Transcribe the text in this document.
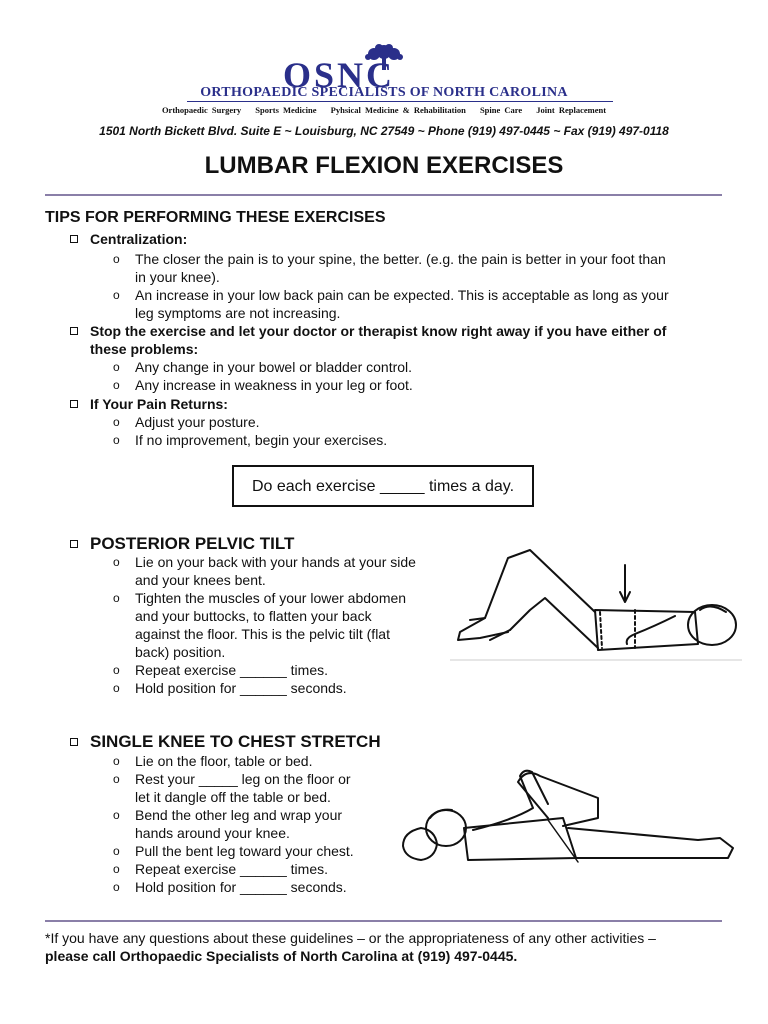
OSNC
ORTHOPAEDIC SPECIALISTS OF NORTH CAROLINA
Orthopaedic Surgery Sports Medicine Pyhsical Medicine & Rehabilitation Spine Care Joint Replacement
1501 North Bickett Blvd. Suite E ~ Louisburg, NC 27549 ~ Phone (919) 497-0445 ~ Fax (919) 497-0118
LUMBAR FLEXION EXERCISES
TIPS FOR PERFORMING THESE EXERCISES
Centralization:
o The closer the pain is to your spine, the better. (e.g. the pain is better in your foot than
in your knee).
o An increase in your low back pain can be expected. This is acceptable as long as your
leg symptoms are not increasing.
Stop the exercise and let your doctor or therapist know right away if you have either of
these problems:
o Any change in your bowel or bladder control.
o Any increase in weakness in your leg or foot.
If Your Pain Returns:
o Adjust your posture.
o If no improvement, begin your exercises.
Do each exercise _____ times a day.
POSTERIOR PELVIC TILT
o Lie on your back with your hands at your side
and your knees bent.
o Tighten the muscles of your lower abdomen
and your buttocks, to flatten your back
against the floor. This is the pelvic tilt (flat
back) position.
o Repeat exercise ______ times.
o Hold position for ______ seconds.
SINGLE KNEE TO CHEST STRETCH
o Lie on the floor, table or bed.
o Rest your _____ leg on the floor or
let it dangle off the table or bed.
o Bend the other leg and wrap your
hands around your knee.
o Pull the bent leg toward your chest.
o Repeat exercise ______ times.
o Hold position for ______ seconds.
*If you have any questions about these guidelines – or the appropriateness of any other activities –
please call Orthopaedic Specialists of North Carolina at (919) 497-0445.
